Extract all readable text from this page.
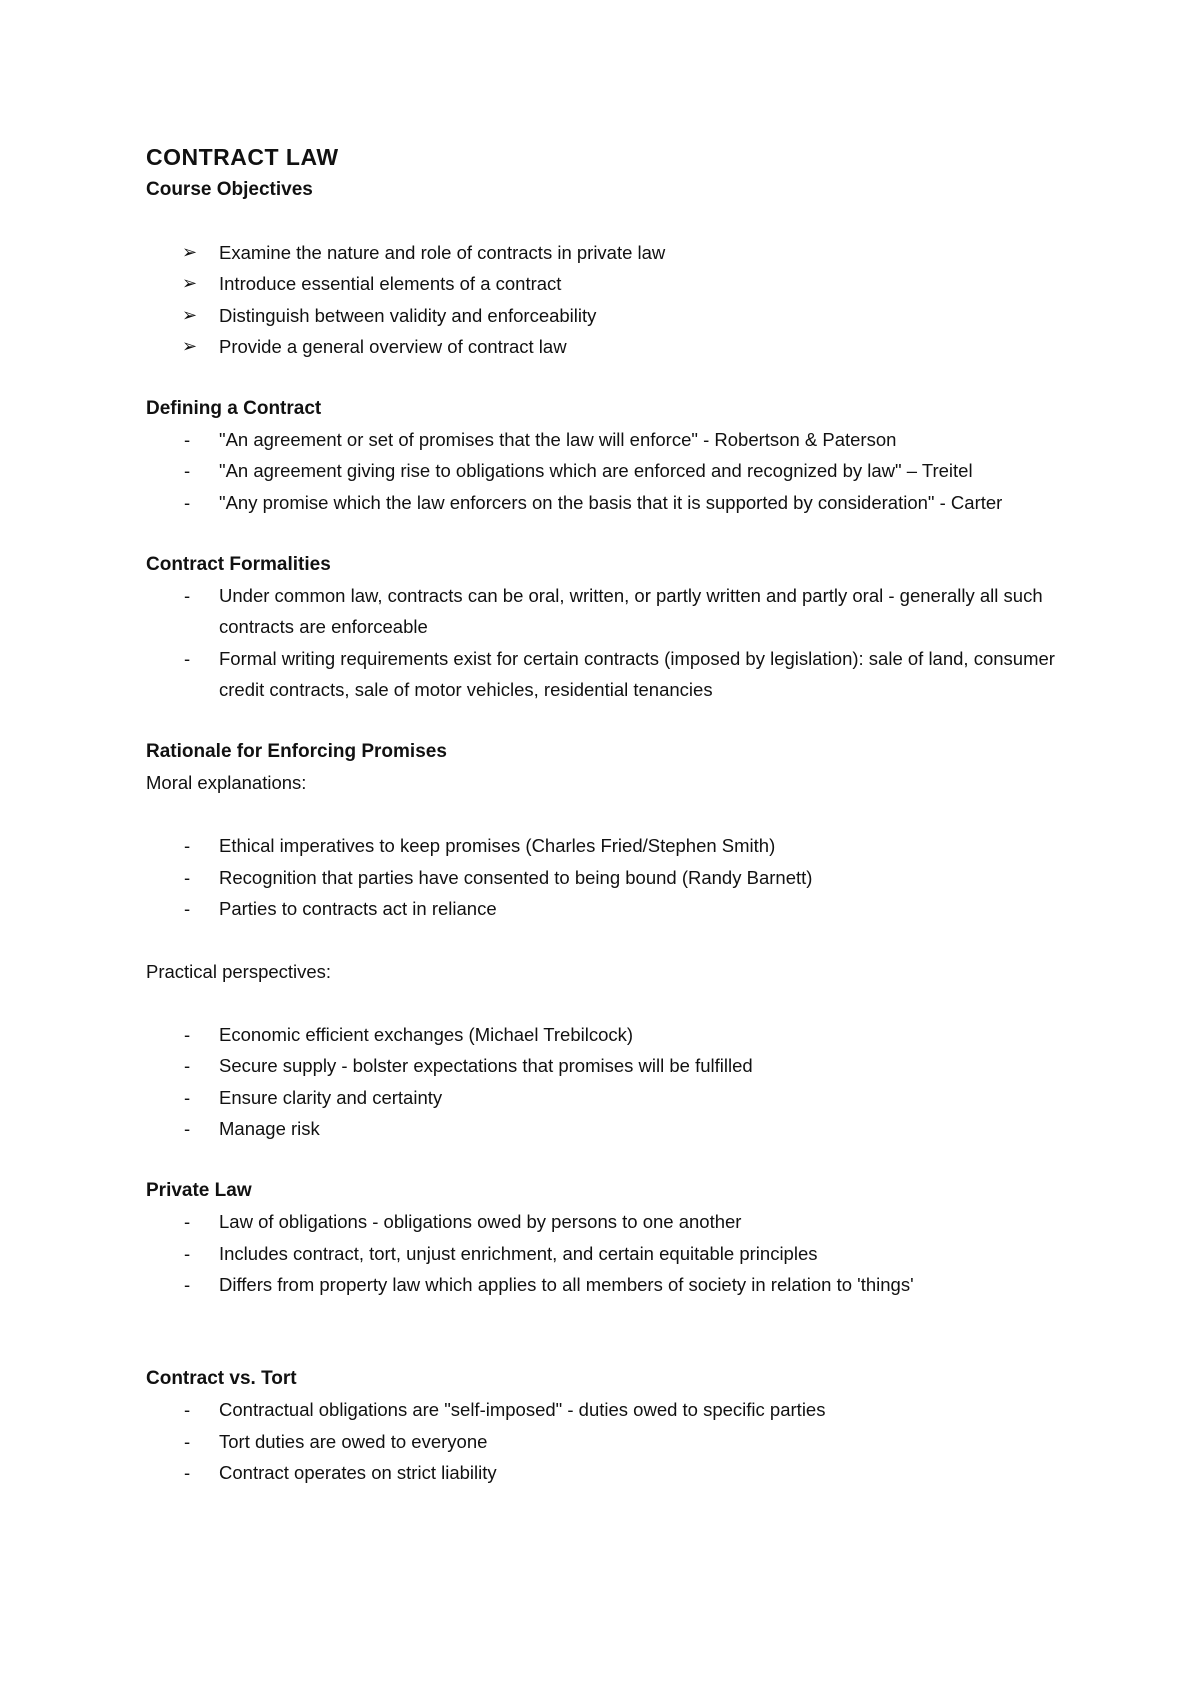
CONTRACT LAW
Course Objectives
➢ Examine the nature and role of contracts in private law
➢ Introduce essential elements of a contract
➢ Distinguish between validity and enforceability
➢ Provide a general overview of contract law
Defining a Contract
-	"An agreement or set of promises that the law will enforce" - Robertson & Paterson
-	"An agreement giving rise to obligations which are enforced and recognized by law" – Treitel
-	"Any promise which the law enforcers on the basis that it is supported by consideration" - Carter
Contract Formalities
-	Under common law, contracts can be oral, written, or partly written and partly oral - generally all such contracts are enforceable
-	Formal writing requirements exist for certain contracts (imposed by legislation): sale of land, consumer credit contracts, sale of motor vehicles, residential tenancies
Rationale for Enforcing Promises

Moral explanations:

-	Ethical imperatives to keep promises (Charles Fried/Stephen Smith)
-	Recognition that parties have consented to being bound (Randy Barnett)
-	Parties to contracts act in reliance

Practical perspectives:

-	Economic efficient exchanges (Michael Trebilcock)
-	Secure supply - bolster expectations that promises will be fulfilled
-	Ensure clarity and certainty
-	Manage risk
Private Law
-	Law of obligations - obligations owed by persons to one another
-	Includes contract, tort, unjust enrichment, and certain equitable principles
-	Differs from property law which applies to all members of society in relation to 'things'
Contract vs. Tort
-	Contractual obligations are "self-imposed" - duties owed to specific parties
-	Tort duties are owed to everyone
-	Contract operates on strict liability
